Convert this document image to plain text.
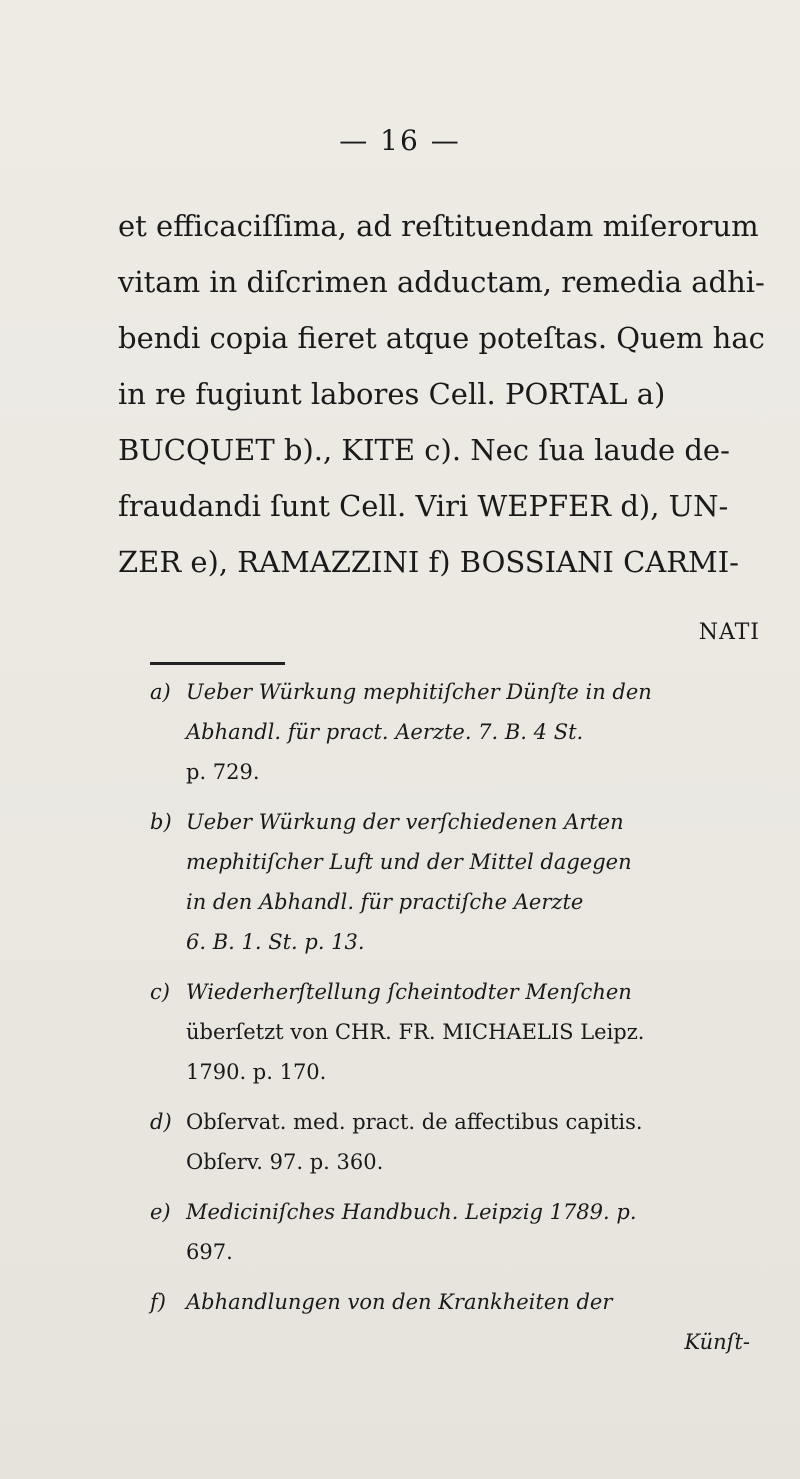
— 16 —
et efficaciſſima, ad reſtituendam miſerorum
vitam in diſcrimen adductam, remedia adhi-
bendi copia fieret atque poteſtas. Quem hac
in re fugiunt labores Cell. PORTAL a)
BUCQUET b)., KITE c). Nec ſua laude de-
fraudandi ſunt Cell. Viri WEPFER d), UN-
ZER e), RAMAZZINI f) BOSSIANI CARMI-
NATI
a) Ueber Würkung mephitiſcher Dünſte in den
Abhandl. für pract. Aerzte. 7. B. 4 St.
p. 729.
b) Ueber Würkung der verſchiedenen Arten
mephitiſcher Luft und der Mittel dagegen
in den Abhandl. für practiſche Aerzte
6. B. 1. St. p. 13.
c) Wiederherſtellung ſcheintodter Menſchen
überſetzt von CHR. FR. MICHAELIS Leipz.
1790. p. 170.
d) Obſervat. med. pract. de affectibus capitis.
Obſerv. 97. p. 360.
e) Mediciniſches Handbuch. Leipzig 1789. p.
697.
f) Abhandlungen von den Krankheiten der
Künſt-
